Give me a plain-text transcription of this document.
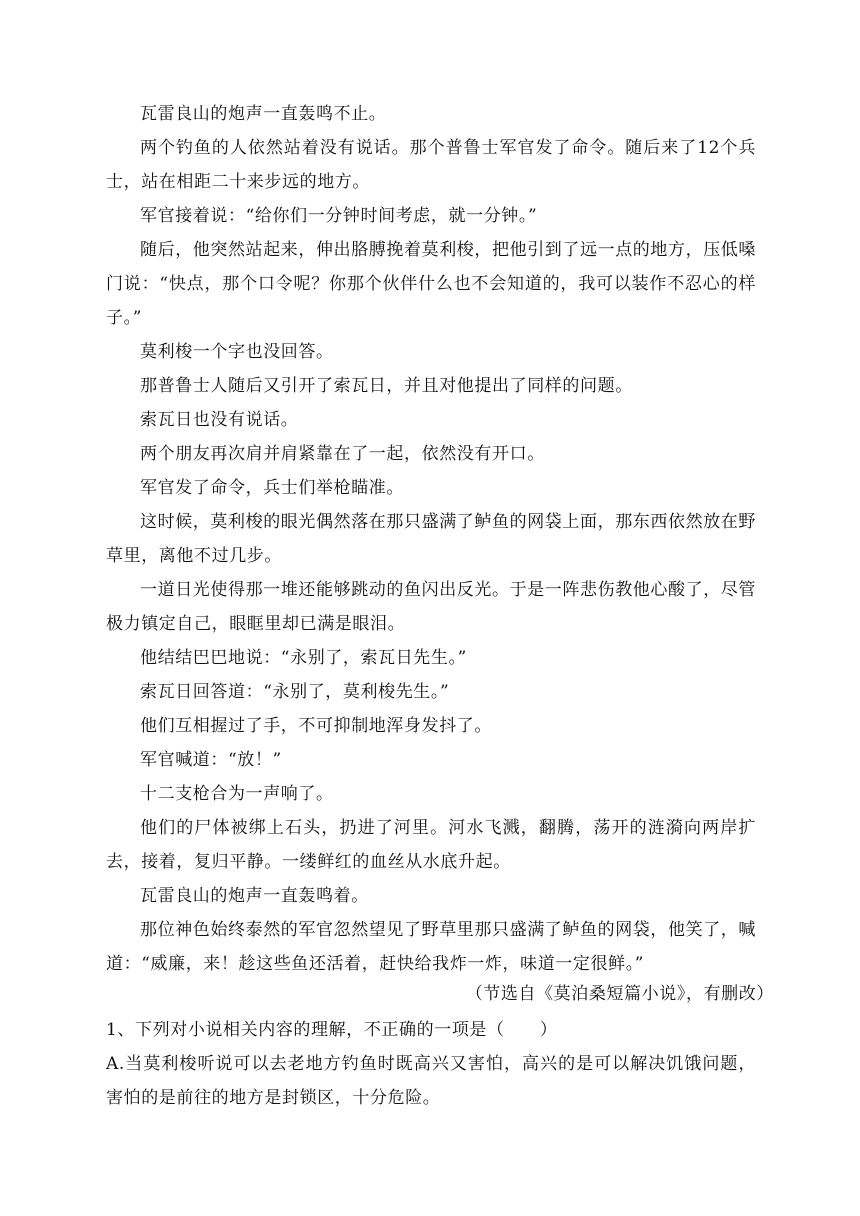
瓦雷良山的炮声一直轰鸣不止。

两个钓鱼的人依然站着没有说话。那个普鲁士军官发了命令。随后来了12个兵士，站在相距二十来步远的地方。

军官接着说：“给你们一分钟时间考虑，就一分钟。”

随后，他突然站起来，伸出胳膊挽着莫利梭，把他引到了远一点的地方，压低嗓门说：“快点，那个口令呢？你那个伙伴什么也不会知道的，我可以装作不忍心的样子。”

莫利梭一个字也没回答。

那普鲁士人随后又引开了索瓦日，并且对他提出了同样的问题。

索瓦日也没有说话。

两个朋友再次肩并肩紧靠在了一起，依然没有开口。

军官发了命令，兵士们举枪瞄准。

这时候，莫利梭的眼光偶然落在那只盛满了鲈鱼的网袋上面，那东西依然放在野草里，离他不过几步。

一道日光使得那一堆还能够跳动的鱼闪出反光。于是一阵悲伤教他心酸了，尽管极力镇定自己，眼眶里却已满是眼泪。

他结结巴巴地说：“永别了，索瓦日先生。”

索瓦日回答道：“永别了，莫利梭先生。”

他们互相握过了手，不可抑制地浑身发抖了。

军官喊道：“放！”

十二支枪合为一声响了。

他们的尸体被绑上石头，扔进了河里。河水飞溅，翻腾，荡开的涟漪向两岸扩去，接着，复归平静。一缕鲜红的血丝从水底升起。

瓦雷良山的炮声一直轰鸣着。

那位神色始终泰然的军官忽然望见了野草里那只盛满了鲈鱼的网袋，他笑了，喊道：“威廉，来！趁这些鱼还活着，赶快给我炸一炸，味道一定很鲜。”

（节选自《莫泊桑短篇小说》，有删改）

1、下列对小说相关内容的理解，不正确的一项是（　　）

A.当莫利梭听说可以去老地方钓鱼时既高兴又害怕，高兴的是可以解决饥饿问题，害怕的是前往的地方是封锁区，十分危险。
